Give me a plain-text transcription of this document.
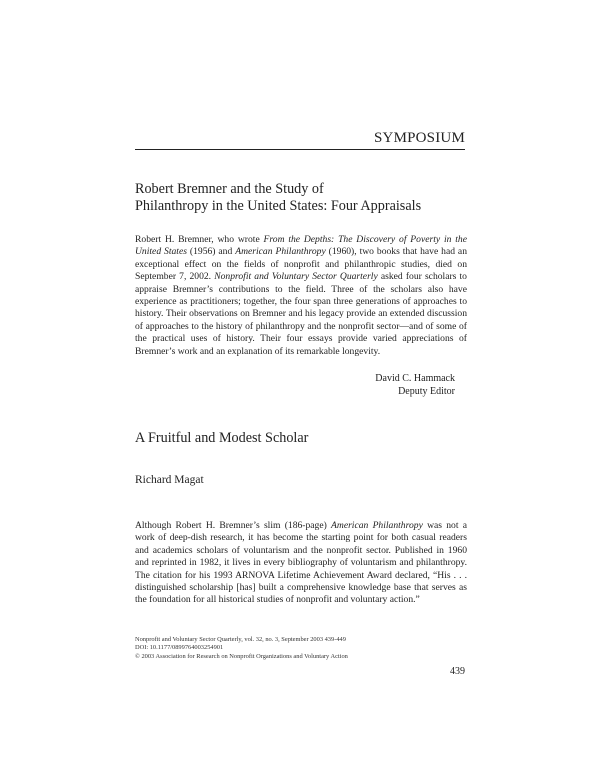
SYMPOSIUM
Robert Bremner and the Study of
Philanthropy in the United States: Four Appraisals

Robert H. Bremner, who wrote From the Depths: The Discovery of Poverty in the United States (1956) and American Philanthropy (1960), two books that have had an exceptional effect on the fields of nonprofit and philanthropic studies, died on September 7, 2002. Nonprofit and Voluntary Sector Quarterly asked four scholars to appraise Bremner’s contributions to the field. Three of the scholars also have experience as practitioners; together, the four span three generations of approaches to history. Their observations on Bremner and his legacy provide an extended discussion of approaches to the history of philanthropy and the nonprofit sector—and of some of the practical uses of history. Their four essays provide varied appreciations of Bremner’s work and an explanation of its remarkable longevity.

David C. Hammack
Deputy Editor
A Fruitful and Modest Scholar
Richard Magat

Although Robert H. Bremner’s slim (186-page) American Philanthropy was not a work of deep-dish research, it has become the starting point for both casual readers and academics scholars of voluntarism and the nonprofit sector. Published in 1960 and reprinted in 1982, it lives in every bibliography of voluntarism and philanthropy. The citation for his 1993 ARNOVA Lifetime Achievement Award declared, “His . . . distinguished scholarship [has] built a comprehensive knowledge base that serves as the foundation for all historical studies of nonprofit and voluntary action.”

Nonprofit and Voluntary Sector Quarterly, vol. 32, no. 3, September 2003 439-449
DOI: 10.1177/0899764003254901
© 2003 Association for Research on Nonprofit Organizations and Voluntary Action
439
